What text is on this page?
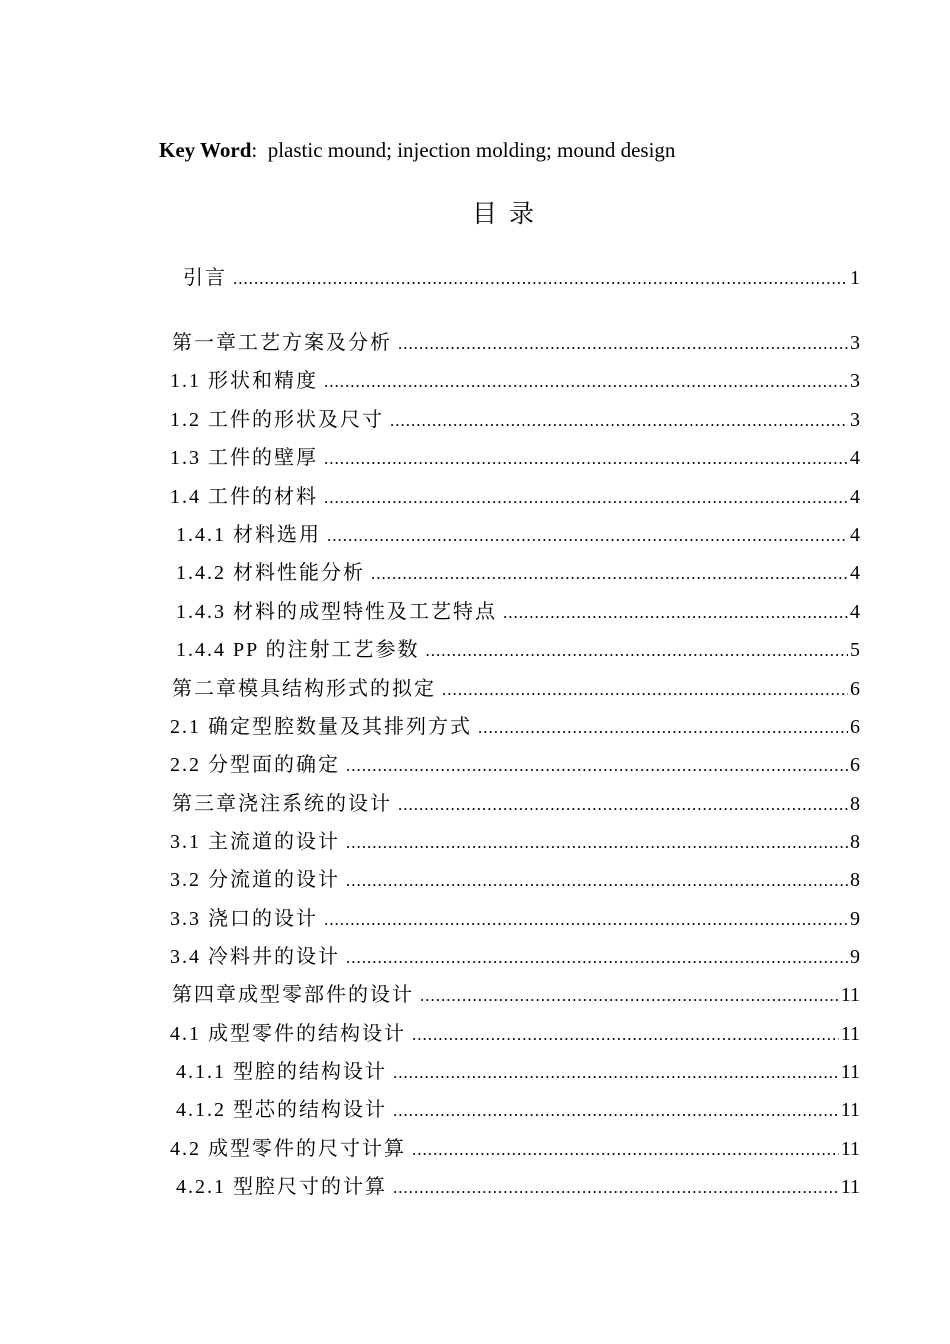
Key Word: plastic mound; injection molding; mound design
目录
引言 .....	1
第一章工艺方案及分析 .....	3
1.1 形状和精度 .....	3
1.2 工件的形状及尺寸 .....	3
1.3 工件的壁厚 .....	4
1.4 工件的材料 .....	4
1.4.1 材料选用 .....	4
1.4.2 材料性能分析 .....	4
1.4.3 材料的成型特性及工艺特点 .....	4
1.4.4 PP 的注射工艺参数 .....	5
第二章模具结构形式的拟定 .....	6
2.1 确定型腔数量及其排列方式 .....	6
2.2 分型面的确定 .....	6
第三章浇注系统的设计 .....	8
3.1 主流道的设计 .....	8
3.2 分流道的设计 .....	8
3.3 浇口的设计 .....	9
3.4 冷料井的设计 .....	9
第四章成型零部件的设计 .....	11
4.1 成型零件的结构设计 .....	11
4.1.1 型腔的结构设计 .....	11
4.1.2 型芯的结构设计 .....	11
4.2 成型零件的尺寸计算 .....	11
4.2.1 型腔尺寸的计算 .....	11
